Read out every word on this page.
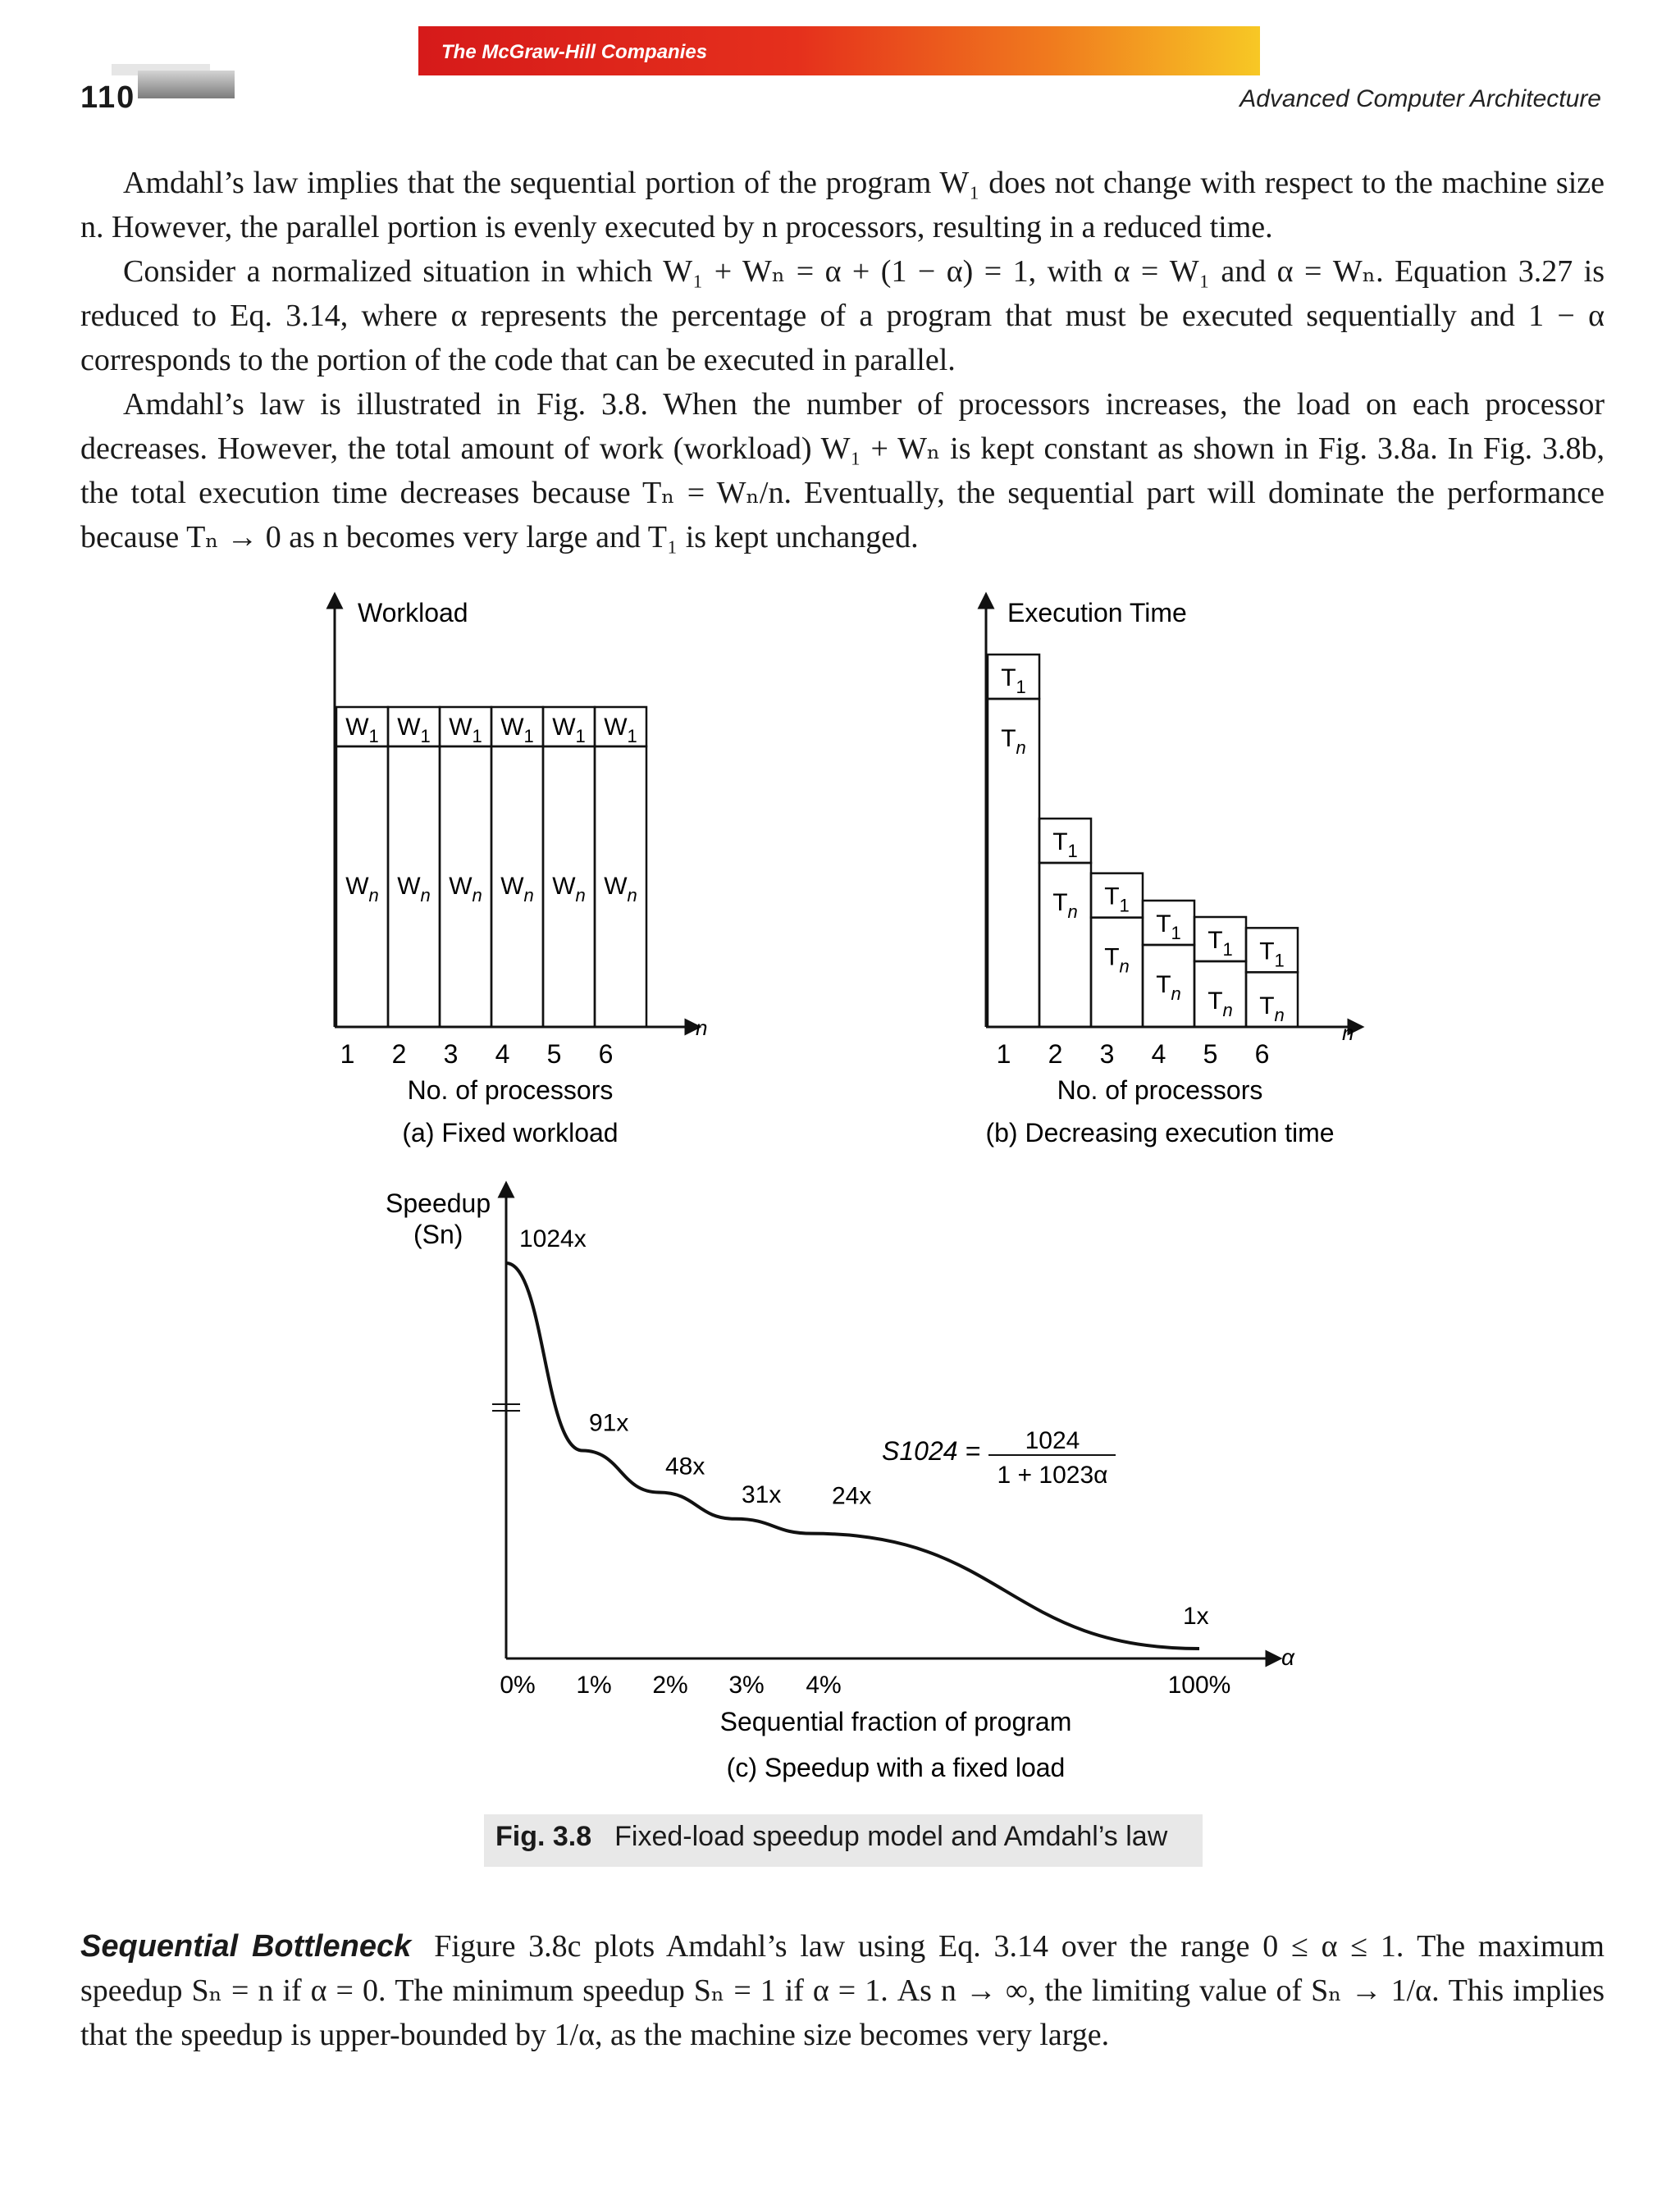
110
The McGraw-Hill Companies
Advanced Computer Architecture

Amdahl’s law implies that the sequential portion of the program W₁ does not change with respect to the machine size n. However, the parallel portion is evenly executed by n processors, resulting in a reduced time.

Consider a normalized situation in which W₁ + Wₙ = α + (1 − α) = 1, with α = W₁ and α = Wₙ. Equation 3.27 is reduced to Eq. 3.14, where α represents the percentage of a program that must be executed sequentially and 1 − α corresponds to the portion of the code that can be executed in parallel.

Amdahl’s law is illustrated in Fig. 3.8. When the number of processors increases, the load on each processor decreases. However, the total amount of work (workload) W₁ + Wₙ is kept constant as shown in Fig. 3.8a. In Fig. 3.8b, the total execution time decreases because Tₙ = Wₙ/n. Eventually, the sequential part will dominate the performance because Tₙ → 0 as n becomes very large and T₁ is kept unchanged.

Workload
n
$W_1$
$W_n$
$W_1$
$W_n$
$W_1$
$W_n$
$W_1$
$W_n$
$W_1$
$W_n$
$W_1$
$W_n$
1 2 3 4 5 6
No. of processors
(a) Fixed workload
Execution Time
n
$T_1$
$T_n$
$T_1$
$T_n$
$T_1$
$T_n$
$T_1$
$T_n$
$T_1$
$T_n$
$T_1$
$T_n$
1 2 3 4 5 6
No. of processors
(b) Decreasing execution time
Speedup
(Sn)
α
1024x
91x
48x
31x 24x
1x
0% 1% 2% 3% 4%	100%
S1024 = 1024
1 + 1023α
Sequential fraction of program
(c) Speedup with a fixed load
Fig. 3.8 Fixed-load speedup model and Amdahl’s law
Sequential Bottleneck Figure 3.8c plots Amdahl’s law using Eq. 3.14 over the range 0 ≤ α ≤ 1. The maximum speedup Sₙ = n if α = 0. The minimum speedup Sₙ = 1 if α = 1. As n → ∞, the limiting value of Sₙ → 1/α. This implies that the speedup is upper-bounded by 1/α, as the machine size becomes very large.
